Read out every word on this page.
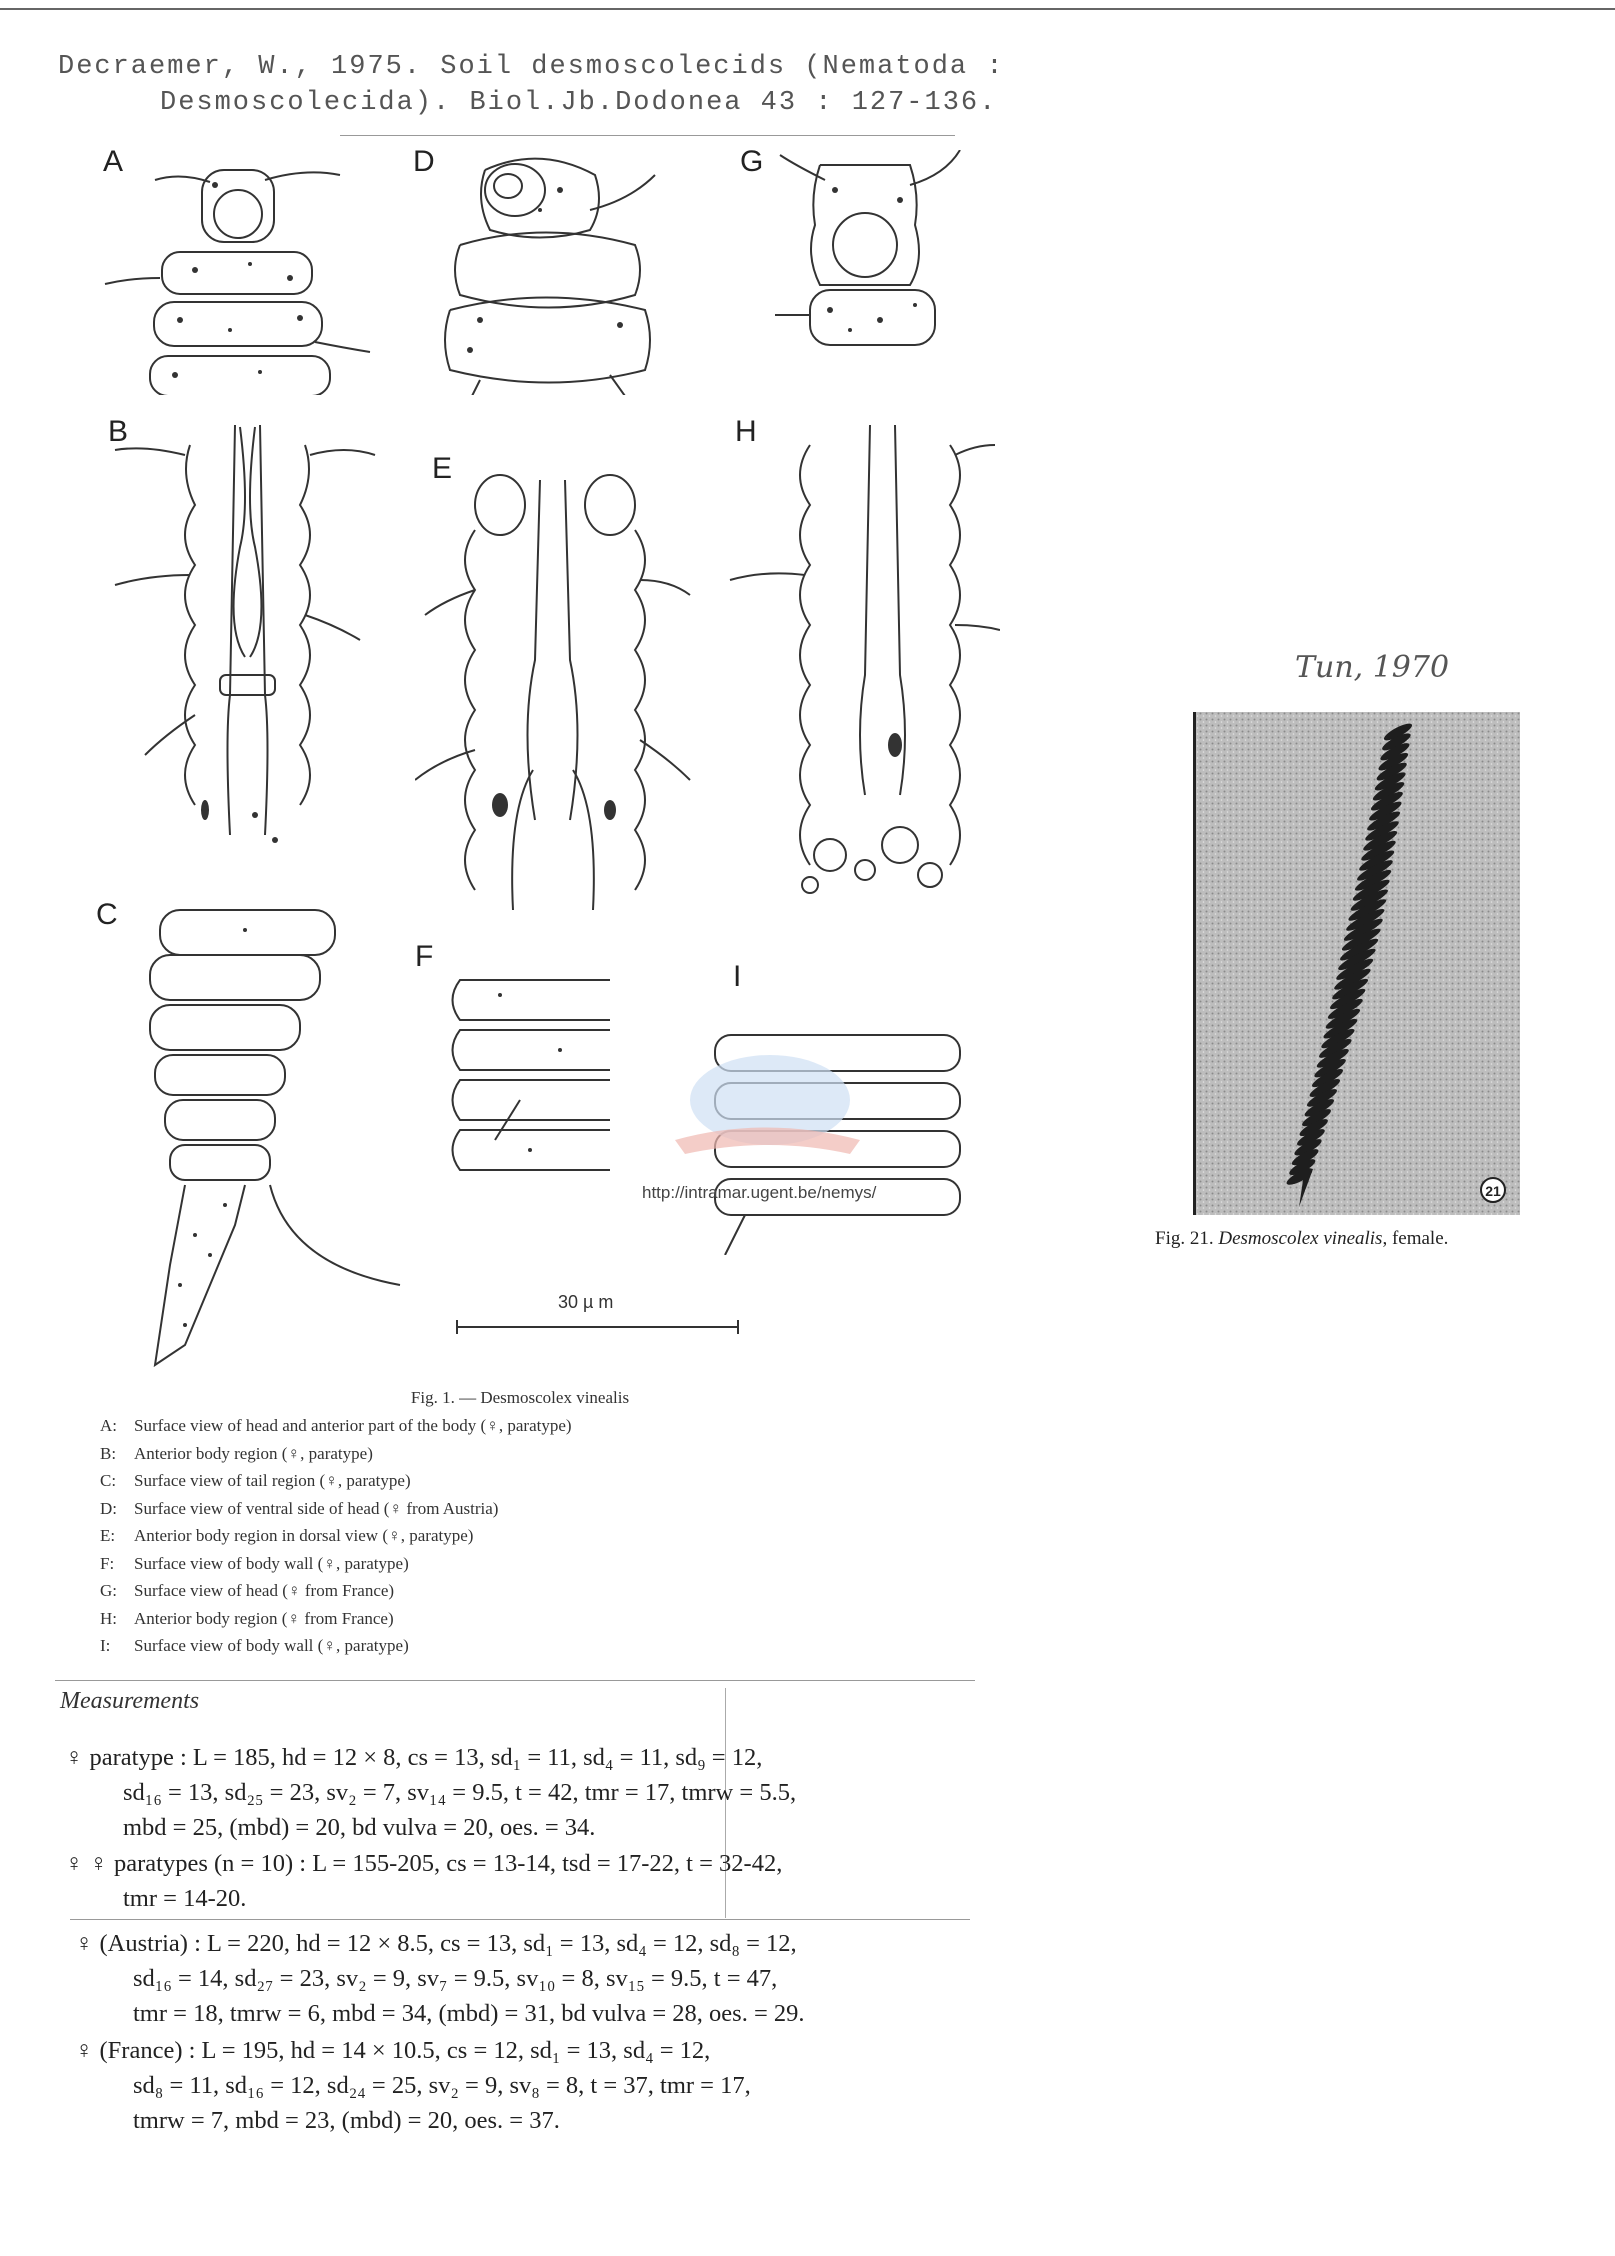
Decraemer, W., 1975. Soil desmoscolecids (Nematoda :
Desmoscolecida). Biol.Jb.Dodonea 43 : 127-136.
A
B
C
D
E
F
G
H
I
http://intramar.ugent.be/nemys/
30 µ m
Fig. 1. — Desmoscolex vinealis
A: Surface view of head and anterior part of the body (♀, paratype)
B: Anterior body region (♀, paratype)
C: Surface view of tail region (♀, paratype)
D: Surface view of ventral side of head (♀ from Austria)
E: Anterior body region in dorsal view (♀, paratype)
F: Surface view of body wall (♀, paratype)
G: Surface view of head (♀ from France)
H: Anterior body region (♀ from France)
I: Surface view of body wall (♀, paratype)
Measurements
♀ paratype : L = 185, hd = 12 × 8, cs = 13, sd₁ = 11, sd₄ = 11, sd₉ = 12,
sd₁₆ = 13, sd₂₅ = 23, sv₂ = 7, sv₁₄ = 9.5, t = 42, tmr = 17, tmrw = 5.5,
mbd = 25, (mbd) = 20, bd vulva = 20, oes. = 34.
♀ ♀ paratypes (n = 10) : L = 155-205, cs = 13-14, tsd = 17-22, t = 32-42,
tmr = 14-20.
♀ (Austria) : L = 220, hd = 12 × 8.5, cs = 13, sd₁ = 13, sd₄ = 12, sd₈ = 12,
sd₁₆ = 14, sd₂₇ = 23, sv₂ = 9, sv₇ = 9.5, sv₁₀ = 8, sv₁₅ = 9.5, t = 47,
tmr = 18, tmrw = 6, mbd = 34, (mbd) = 31, bd vulva = 28, oes. = 29.
♀ (France) : L = 195, hd = 14 × 10.5, cs = 12, sd₁ = 13, sd₄ = 12,
sd₈ = 11, sd₁₆ = 12, sd₂₄ = 25, sv₂ = 9, sv₈ = 8, t = 37, tmr = 17,
tmrw = 7, mbd = 23, (mbd) = 20, oes. = 37.
Tun, 1970
21
Fig. 21. Desmoscolex vinealis, female.
